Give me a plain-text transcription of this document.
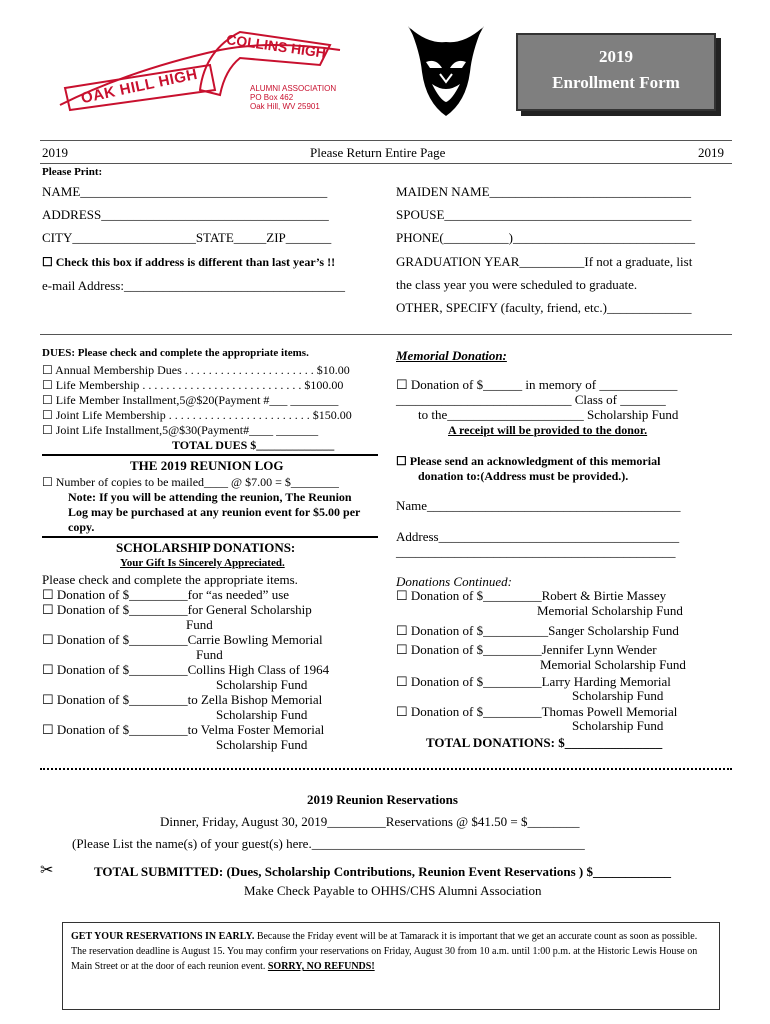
OAK HILL HIGH
COLLINS HIGH
ALUMNI ASSOCIATION
PO Box 462
Oak Hill, WV 25901
2019
Enrollment Form
2019	Please Return Entire Page	2019
Please Print:
NAME______________________________________
ADDRESS___________________________________
CITY___________________STATE_____ZIP_______
☐ Check this box if address is different than last year’s !!
e-mail Address:__________________________________
MAIDEN NAME_______________________________
SPOUSE______________________________________
PHONE(__________)____________________________
GRADUATION YEAR__________If not a graduate, list
the class year you were scheduled to graduate.
OTHER, SPECIFY (faculty, friend, etc.)_____________
DUES: Please check and complete the appropriate items.
☐ Annual Membership Dues . . . . . . . . . . . . . . . . . . . . . . $10.00
☐ Life Membership . . . . . . . . . . . . . . . . . . . . . . . . . . . $100.00
☐ Life Member Installment,5@$20(Payment #___ ________
☐ Joint Life Membership . . . . . . . . . . . . . . . . . . . . . . . . $150.00
☐ Joint Life Installment,5@$30(Payment#____ _______
TOTAL DUES $_____________
THE 2019 REUNION LOG
☐ Number of copies to be mailed____ @ $7.00 = $________
Note: If you will be attending the reunion, The Reunion
Log may be purchased at any reunion event for $5.00 per
copy.
SCHOLARSHIP DONATIONS:
Your Gift Is Sincerely Appreciated.
Please check and complete the appropriate items.
☐ Donation of $_________for “as needed” use
☐ Donation of $_________for General Scholarship
Fund
☐ Donation of $_________Carrie Bowling Memorial
Fund
☐ Donation of $_________Collins High Class of 1964
Scholarship Fund
☐ Donation of $_________to Zella Bishop Memorial
Scholarship Fund
☐ Donation of $_________to Velma Foster Memorial
Scholarship Fund
Memorial Donation:
☐ Donation of $______ in memory of ____________
___________________________ Class of _______
to the_____________________ Scholarship Fund
A receipt will be provided to the donor.
☐ Please send an acknowledgment of this memorial
donation to:(Address must be provided.).
Name_______________________________________
Address_____________________________________
___________________________________________
Donations Continued:
☐ Donation of $_________Robert & Birtie Massey
Memorial Scholarship Fund
☐ Donation of $__________Sanger Scholarship Fund
☐ Donation of $_________Jennifer Lynn Wender
Memorial Scholarship Fund
☐ Donation of $_________Larry Harding Memorial
Scholarship Fund
☐ Donation of $_________Thomas Powell Memorial
Scholarship Fund
TOTAL DONATIONS: $_______________
2019 Reunion Reservations
Dinner, Friday, August 30, 2019_________Reservations @ $41.50 = $________
(Please List the name(s) of your guest(s) here.__________________________________________
✂	TOTAL SUBMITTED: (Dues, Scholarship Contributions, Reunion Event Reservations ) $____________
Make Check Payable to OHHS/CHS Alumni Association
GET YOUR RESERVATIONS IN EARLY. Because the Friday event will be at Tamarack it is important that we get an accurate count as soon as possible. The reservation deadline is August 15. You may confirm your reservations on Friday, August 30 from 10 a.m. until 1:00 p.m. at the Historic Lewis House on Main Street or at the door of each reunion event. SORRY, NO REFUNDS!
